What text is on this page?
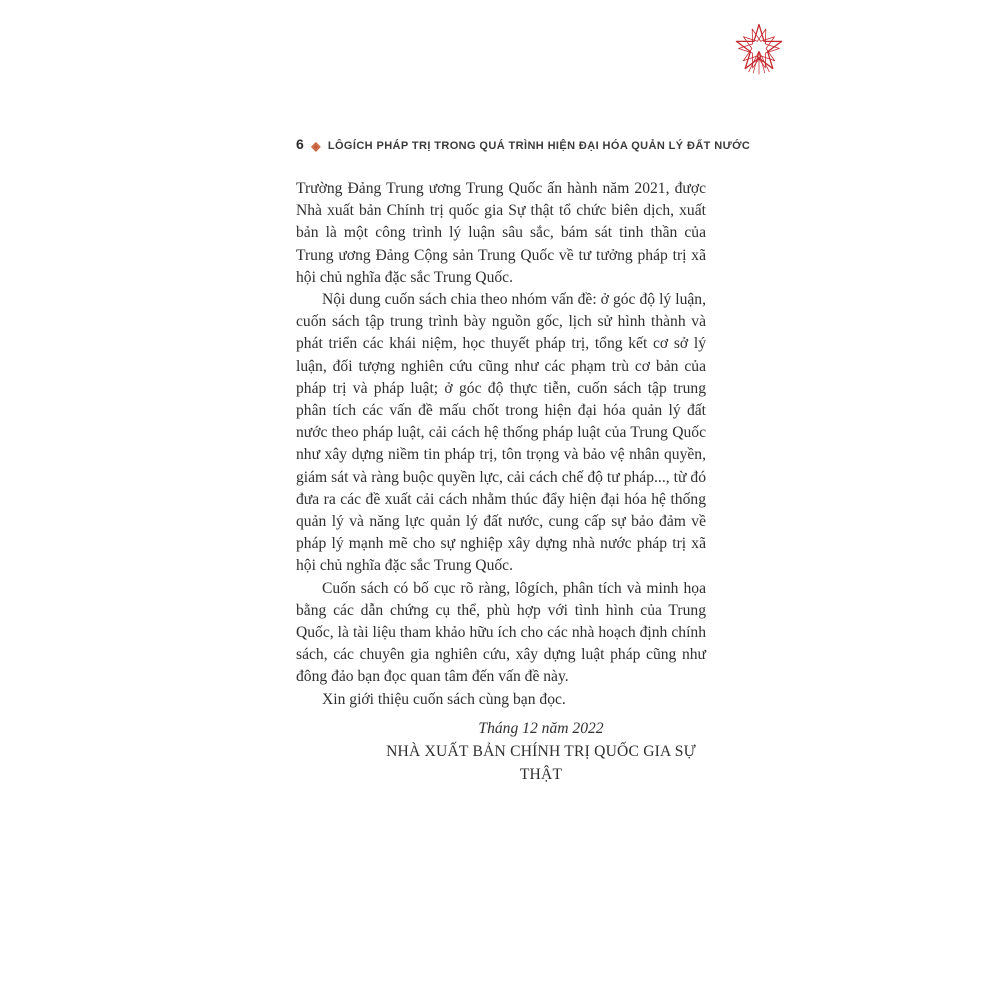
6 ◈ LÔGÍCH PHÁP TRỊ TRONG QUÁ TRÌNH HIỆN ĐẠI HÓA QUẢN LÝ ĐẤT NƯỚC

Trường Đảng Trung ương Trung Quốc ấn hành năm 2021, được Nhà xuất bản Chính trị quốc gia Sự thật tổ chức biên dịch, xuất bản là một công trình lý luận sâu sắc, bám sát tinh thần của Trung ương Đảng Cộng sản Trung Quốc về tư tưởng pháp trị xã hội chủ nghĩa đặc sắc Trung Quốc.

Nội dung cuốn sách chia theo nhóm vấn đề: ở góc độ lý luận, cuốn sách tập trung trình bày nguồn gốc, lịch sử hình thành và phát triển các khái niệm, học thuyết pháp trị, tổng kết cơ sở lý luận, đối tượng nghiên cứu cũng như các phạm trù cơ bản của pháp trị và pháp luật; ở góc độ thực tiễn, cuốn sách tập trung phân tích các vấn đề mấu chốt trong hiện đại hóa quản lý đất nước theo pháp luật, cải cách hệ thống pháp luật của Trung Quốc như xây dựng niềm tin pháp trị, tôn trọng và bảo vệ nhân quyền, giám sát và ràng buộc quyền lực, cải cách chế độ tư pháp..., từ đó đưa ra các đề xuất cải cách nhằm thúc đẩy hiện đại hóa hệ thống quản lý và năng lực quản lý đất nước, cung cấp sự bảo đảm về pháp lý mạnh mẽ cho sự nghiệp xây dựng nhà nước pháp trị xã hội chủ nghĩa đặc sắc Trung Quốc.

Cuốn sách có bố cục rõ ràng, lôgích, phân tích và minh họa bằng các dẫn chứng cụ thể, phù hợp với tình hình của Trung Quốc, là tài liệu tham khảo hữu ích cho các nhà hoạch định chính sách, các chuyên gia nghiên cứu, xây dựng luật pháp cũng như đông đảo bạn đọc quan tâm đến vấn đề này.

Xin giới thiệu cuốn sách cùng bạn đọc.

Tháng 12 năm 2022
NHÀ XUẤT BẢN CHÍNH TRỊ QUỐC GIA SỰ THẬT
